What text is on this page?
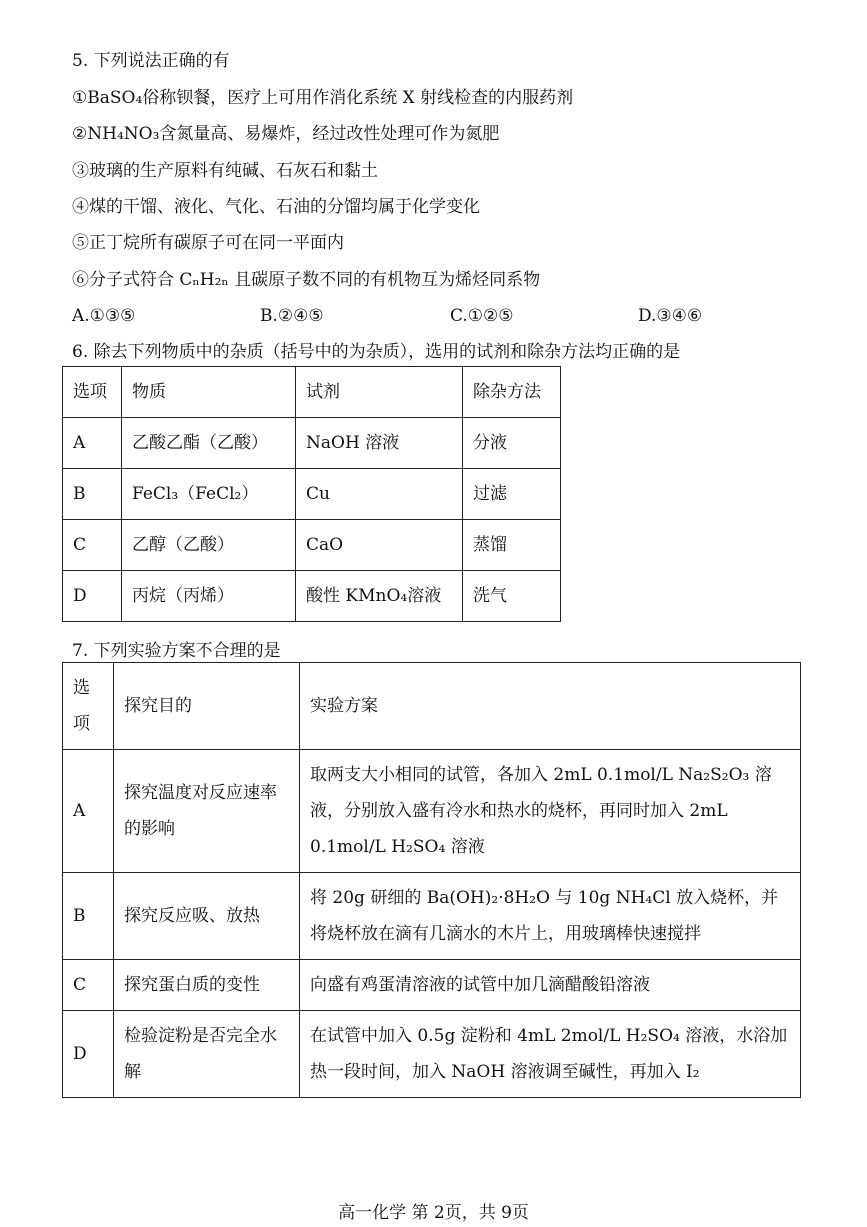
5. 下列说法正确的有
①BaSO₄俗称钡餐，医疗上可用作消化系统 X 射线检查的内服药剂
②NH₄NO₃含氮量高、易爆炸，经过改性处理可作为氮肥
③玻璃的生产原料有纯碱、石灰石和黏土
④煤的干馏、液化、气化、石油的分馏均属于化学变化
⑤正丁烷所有碳原子可在同一平面内
⑥分子式符合 CₙH₂ₙ 且碳原子数不同的有机物互为烯烃同系物
A.①③⑤	B.②④⑤	C.①②⑤	D.③④⑥
6. 除去下列物质中的杂质（括号中的为杂质），选用的试剂和除杂方法均正确的是
选项	物质	试剂	除杂方法
A	乙酸乙酯（乙酸）	NaOH 溶液	分液
B	FeCl₃（FeCl₂）	Cu	过滤
C	乙醇（乙酸）	CaO	蒸馏
D	丙烷（丙烯）	酸性 KMnO₄溶液	洗气
7. 下列实验方案不合理的是
选项	探究目的	实验方案
A	探究温度对反应速率的影响	取两支大小相同的试管，各加入 2mL 0.1mol/L Na₂S₂O₃ 溶液，分别放入盛有冷水和热水的烧杯，再同时加入 2mL 0.1mol/L H₂SO₄ 溶液
B	探究反应吸、放热	将 20g 研细的 Ba(OH)₂·8H₂O 与 10g NH₄Cl 放入烧杯，并将烧杯放在滴有几滴水的木片上，用玻璃棒快速搅拌
C	探究蛋白质的变性	向盛有鸡蛋清溶液的试管中加几滴醋酸铅溶液
D	检验淀粉是否完全水解	在试管中加入 0.5g 淀粉和 4mL 2mol/L H₂SO₄ 溶液，水浴加热一段时间，加入 NaOH 溶液调至碱性，再加入 I₂
高一化学 第 2页，共 9页
